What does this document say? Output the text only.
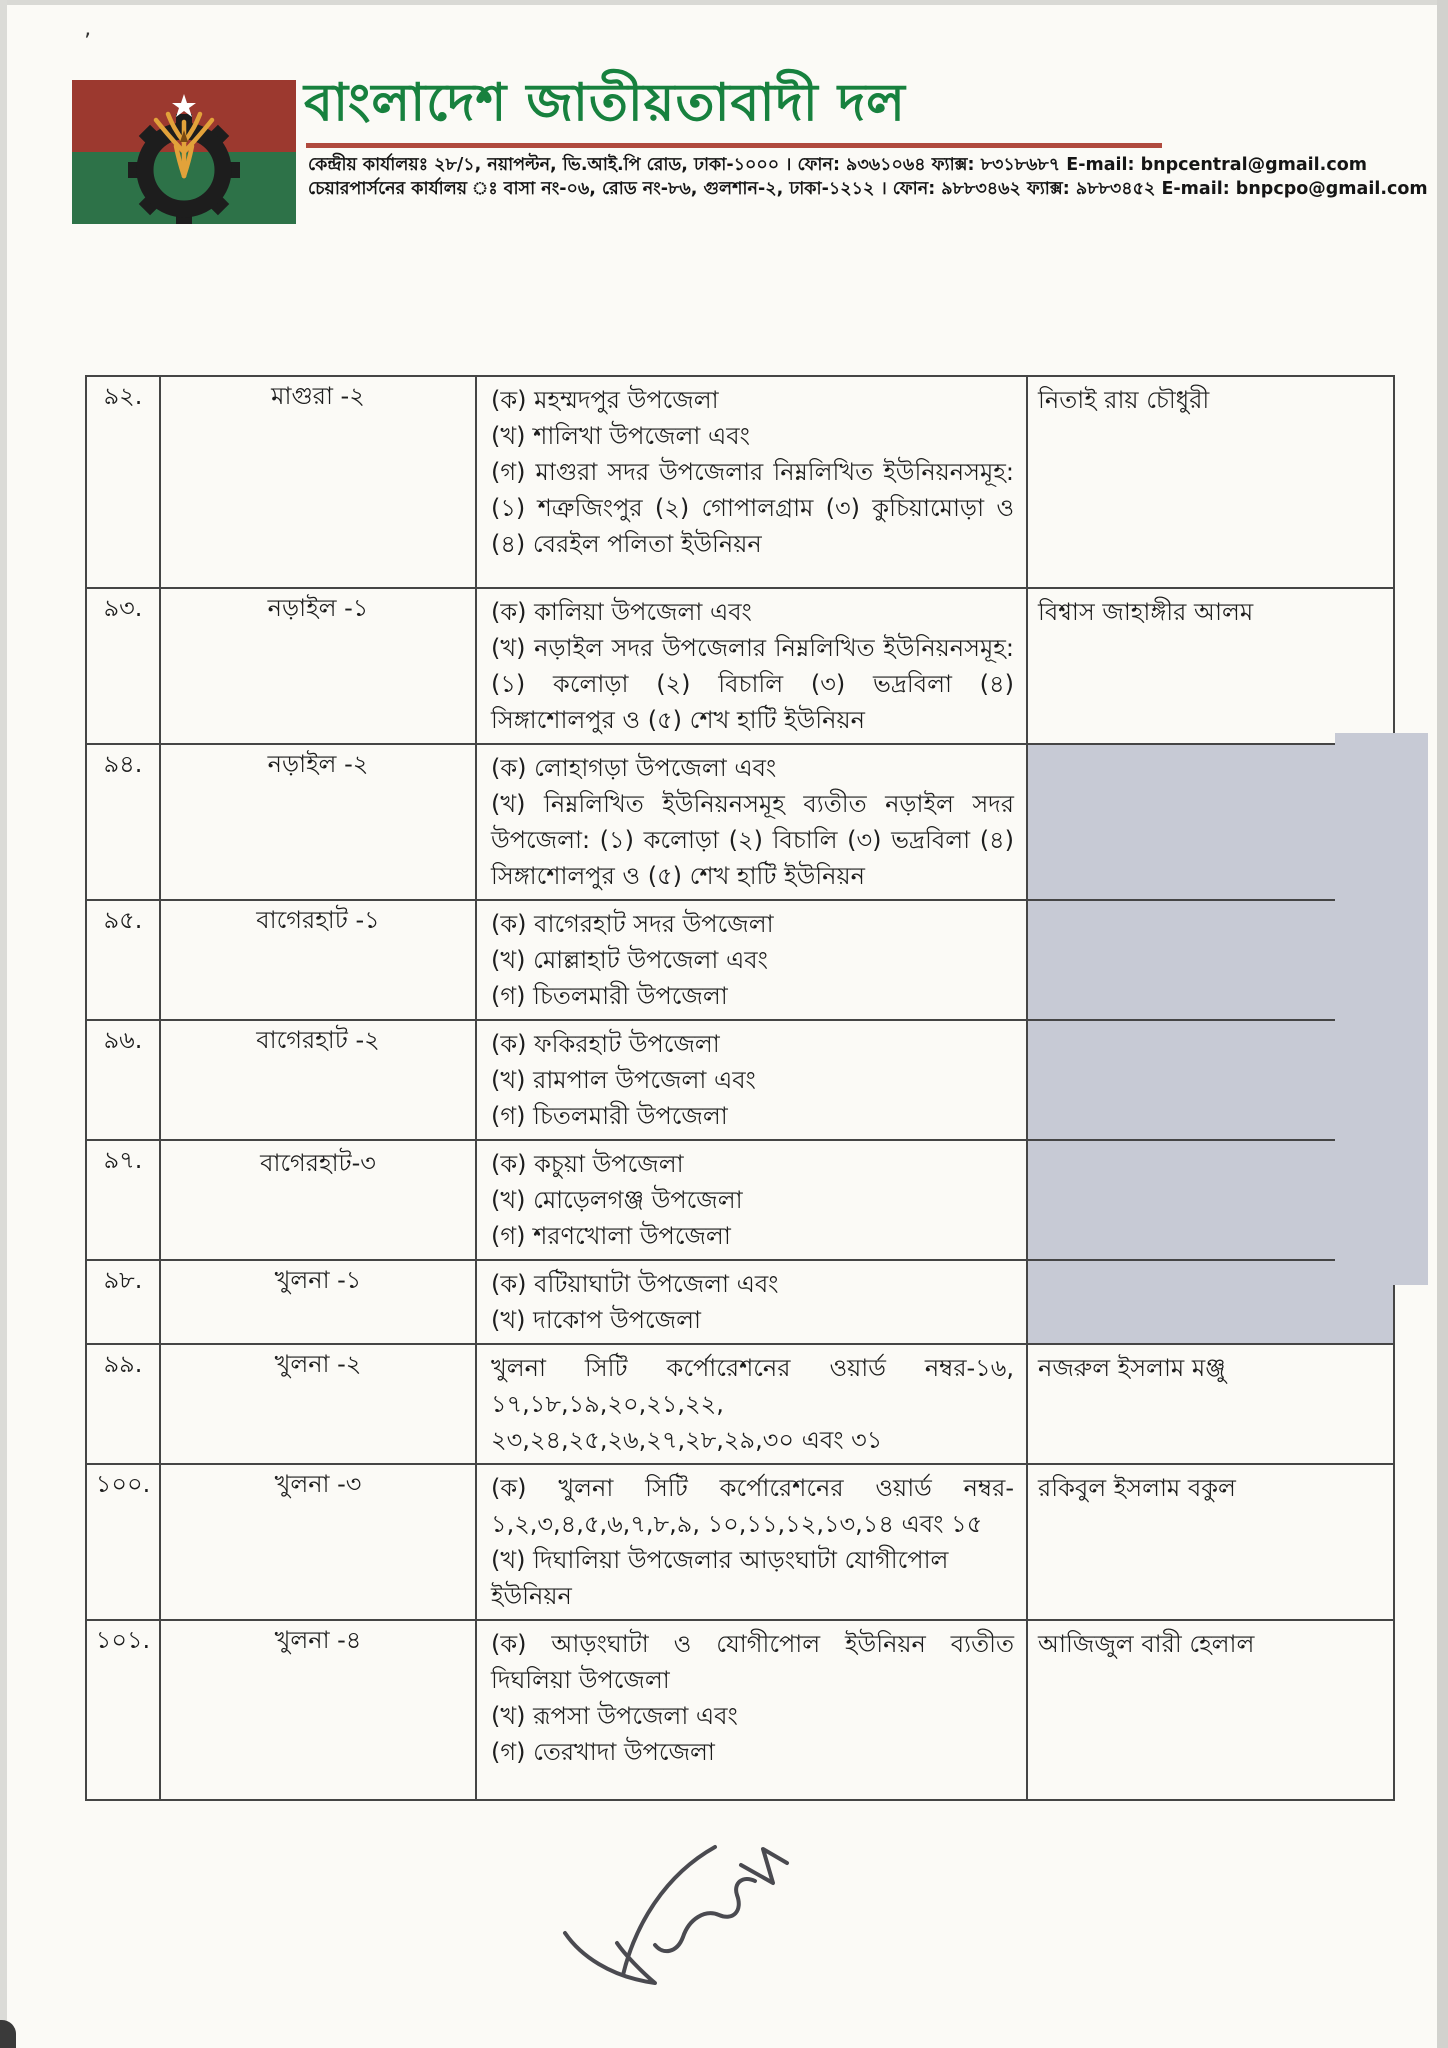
’
বাংলাদেশ জাতীয়তাবাদী দল
কেন্দ্রীয় কার্যালয়ঃ ২৮/১, নয়াপল্টন, ভি.আই.পি রোড, ঢাকা-১০০০ । ফোন: ৯৩৬১০৬৪ ফ্যাক্স: ৮৩১৮৬৮৭ E-mail: bnpcentral@gmail.com
চেয়ারপার্সনের কার্যালয় ঃ বাসা নং-০৬, রোড নং-৮৬, গুলশান-২, ঢাকা-১২১২ । ফোন: ৯৮৮৩৪৬২ ফ্যাক্স: ৯৮৮৩৪৫২ E-mail: bnpcpo@gmail.com
৯২.	মাগুরা -২	(ক) মহম্মদপুর উপজেলা
(খ) শালিখা উপজেলা এবং
(গ) মাগুরা সদর উপজেলার নিম্নলিখিত ইউনিয়নসমূহ: (১) শত্রুজিংপুর (২) গোপালগ্রাম (৩) কুচিয়ামোড়া ও (৪) বেরইল পলিতা ইউনিয়ন	নিতাই রায় চৌধুরী
৯৩.	নড়াইল -১	(ক) কালিয়া উপজেলা এবং
(খ) নড়াইল সদর উপজেলার নিম্নলিখিত ইউনিয়নসমূহ: (১) কলোড়া (২) বিচালি (৩) ভদ্রবিলা (৪) সিঙ্গাশোলপুর ও (৫) শেখ হাটি ইউনিয়ন	বিশ্বাস জাহাঙ্গীর আলম
৯৪.	নড়াইল -২	(ক) লোহাগড়া উপজেলা এবং
(খ) নিম্নলিখিত ইউনিয়নসমূহ ব্যতীত নড়াইল সদর উপজেলা: (১) কলোড়া (২) বিচালি (৩) ভদ্রবিলা (৪) সিঙ্গাশোলপুর ও (৫) শেখ হাটি ইউনিয়ন	

৯৫.	বাগেরহাট -১	(ক) বাগেরহাট সদর উপজেলা
(খ) মোল্লাহাট উপজেলা এবং
(গ) চিতলমারী উপজেলা	

৯৬.	বাগেরহাট -২	(ক) ফকিরহাট উপজেলা
(খ) রামপাল উপজেলা এবং
(গ) চিতলমারী উপজেলা	

৯৭.	বাগেরহাট-৩	(ক) কচুয়া উপজেলা
(খ) মোড়েলগঞ্জ উপজেলা
(গ) শরণখোলা উপজেলা	

৯৮.	খুলনা -১	(ক) বটিয়াঘাটা উপজেলা এবং
(খ) দাকোপ উপজেলা	

৯৯.	খুলনা -২	খুলনা সিটি কর্পোরেশনের ওয়ার্ড নম্বর-১৬, ১৭,১৮,১৯,২০,২১,২২, ২৩,২৪,২৫,২৬,২৭,২৮,২৯,৩০ এবং ৩১	নজরুল ইসলাম মঞ্জু
১০০.	খুলনা -৩	(ক) খুলনা সিটি কর্পোরেশনের ওয়ার্ড নম্বর- ১,২,৩,৪,৫,৬,৭,৮,৯, ১০,১১,১২,১৩,১৪ এবং ১৫
(খ) দিঘালিয়া উপজেলার আড়ংঘাটা যোগীপোল ইউনিয়ন	রকিবুল ইসলাম বকুল
১০১.	খুলনা -৪	(ক) আড়ংঘাটা ও যোগীপোল ইউনিয়ন ব্যতীত দিঘলিয়া উপজেলা
(খ) রূপসা উপজেলা এবং
(গ) তেরখাদা উপজেলা	আজিজুল বারী হেলাল
